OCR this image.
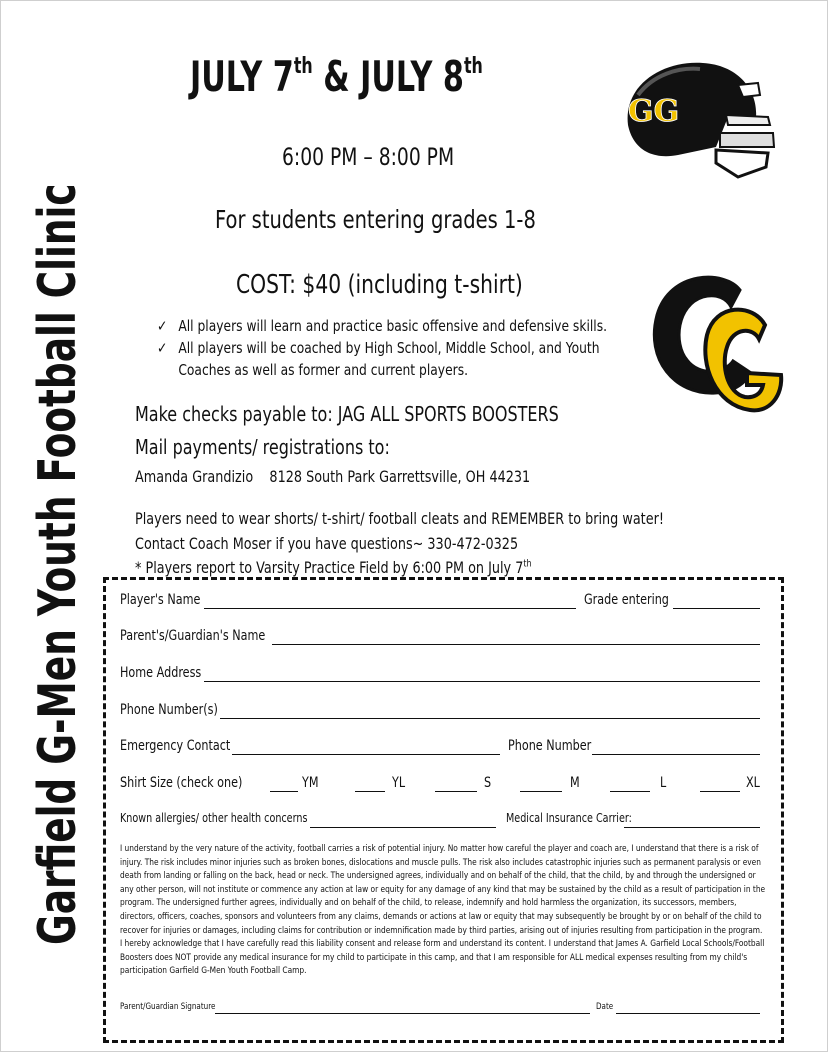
Garfield G-Men Youth Football Clinic
JULY 7th & JULY 8th
6:00 PM – 8:00 PM
For students entering grades 1-8
COST: $40 (including t-shirt)
✓ All players will learn and practice basic offensive and defensive skills.
✓ All players will be coached by High School, Middle School, and Youth Coaches as well as former and current players.
Make checks payable to: JAG ALL SPORTS BOOSTERS
Mail payments/ registrations to:
Amanda Grandizio    8128 South Park Garrettsville, OH 44231
Players need to wear shorts/ t-shirt/ football cleats and REMEMBER to bring water!
Contact Coach Moser if you have questions~ 330-472-0325
* Players report to Varsity Practice Field by 6:00 PM on July 7th
GG
Player's Name	Grade entering
Parent's/Guardian's Name
Home Address
Phone Number(s)
Emergency Contact	Phone Number
Shirt Size (check one)	YM	YL	S	M	L	XL
Known allergies/ other health concerns	Medical Insurance Carrier:

I understand by the very nature of the activity, football carries a risk of potential injury. No matter how careful the player and coach are, I understand that there is a risk of injury. The risk includes minor injuries such as broken bones, dislocations and muscle pulls. The risk also includes catastrophic injuries such as permanent paralysis or even death from landing or falling on the back, head or neck. The undersigned agrees, individually and on behalf of the child, that the child, by and through the undersigned or any other person, will not institute or commence any action at law or equity for any damage of any kind that may be sustained by the child as a result of participation in the program. The undersigned further agrees, individually and on behalf of the child, to release, indemnify and hold harmless the organization, its successors, members, directors, officers, coaches, sponsors and volunteers from any claims, demands or actions at law or equity that may subsequently be brought by or on behalf of the child to recover for injuries or damages, including claims for contribution or indemnification made by third parties, arising out of injuries resulting from participation in the program.

I hereby acknowledge that I have carefully read this liability consent and release form and understand its content. I understand that James A. Garfield Local Schools/Football Boosters does NOT provide any medical insurance for my child to participate in this camp, and that I am responsible for ALL medical expenses resulting from my child's participation Garfield G-Men Youth Football Camp.

Parent/Guardian Signature	Date
